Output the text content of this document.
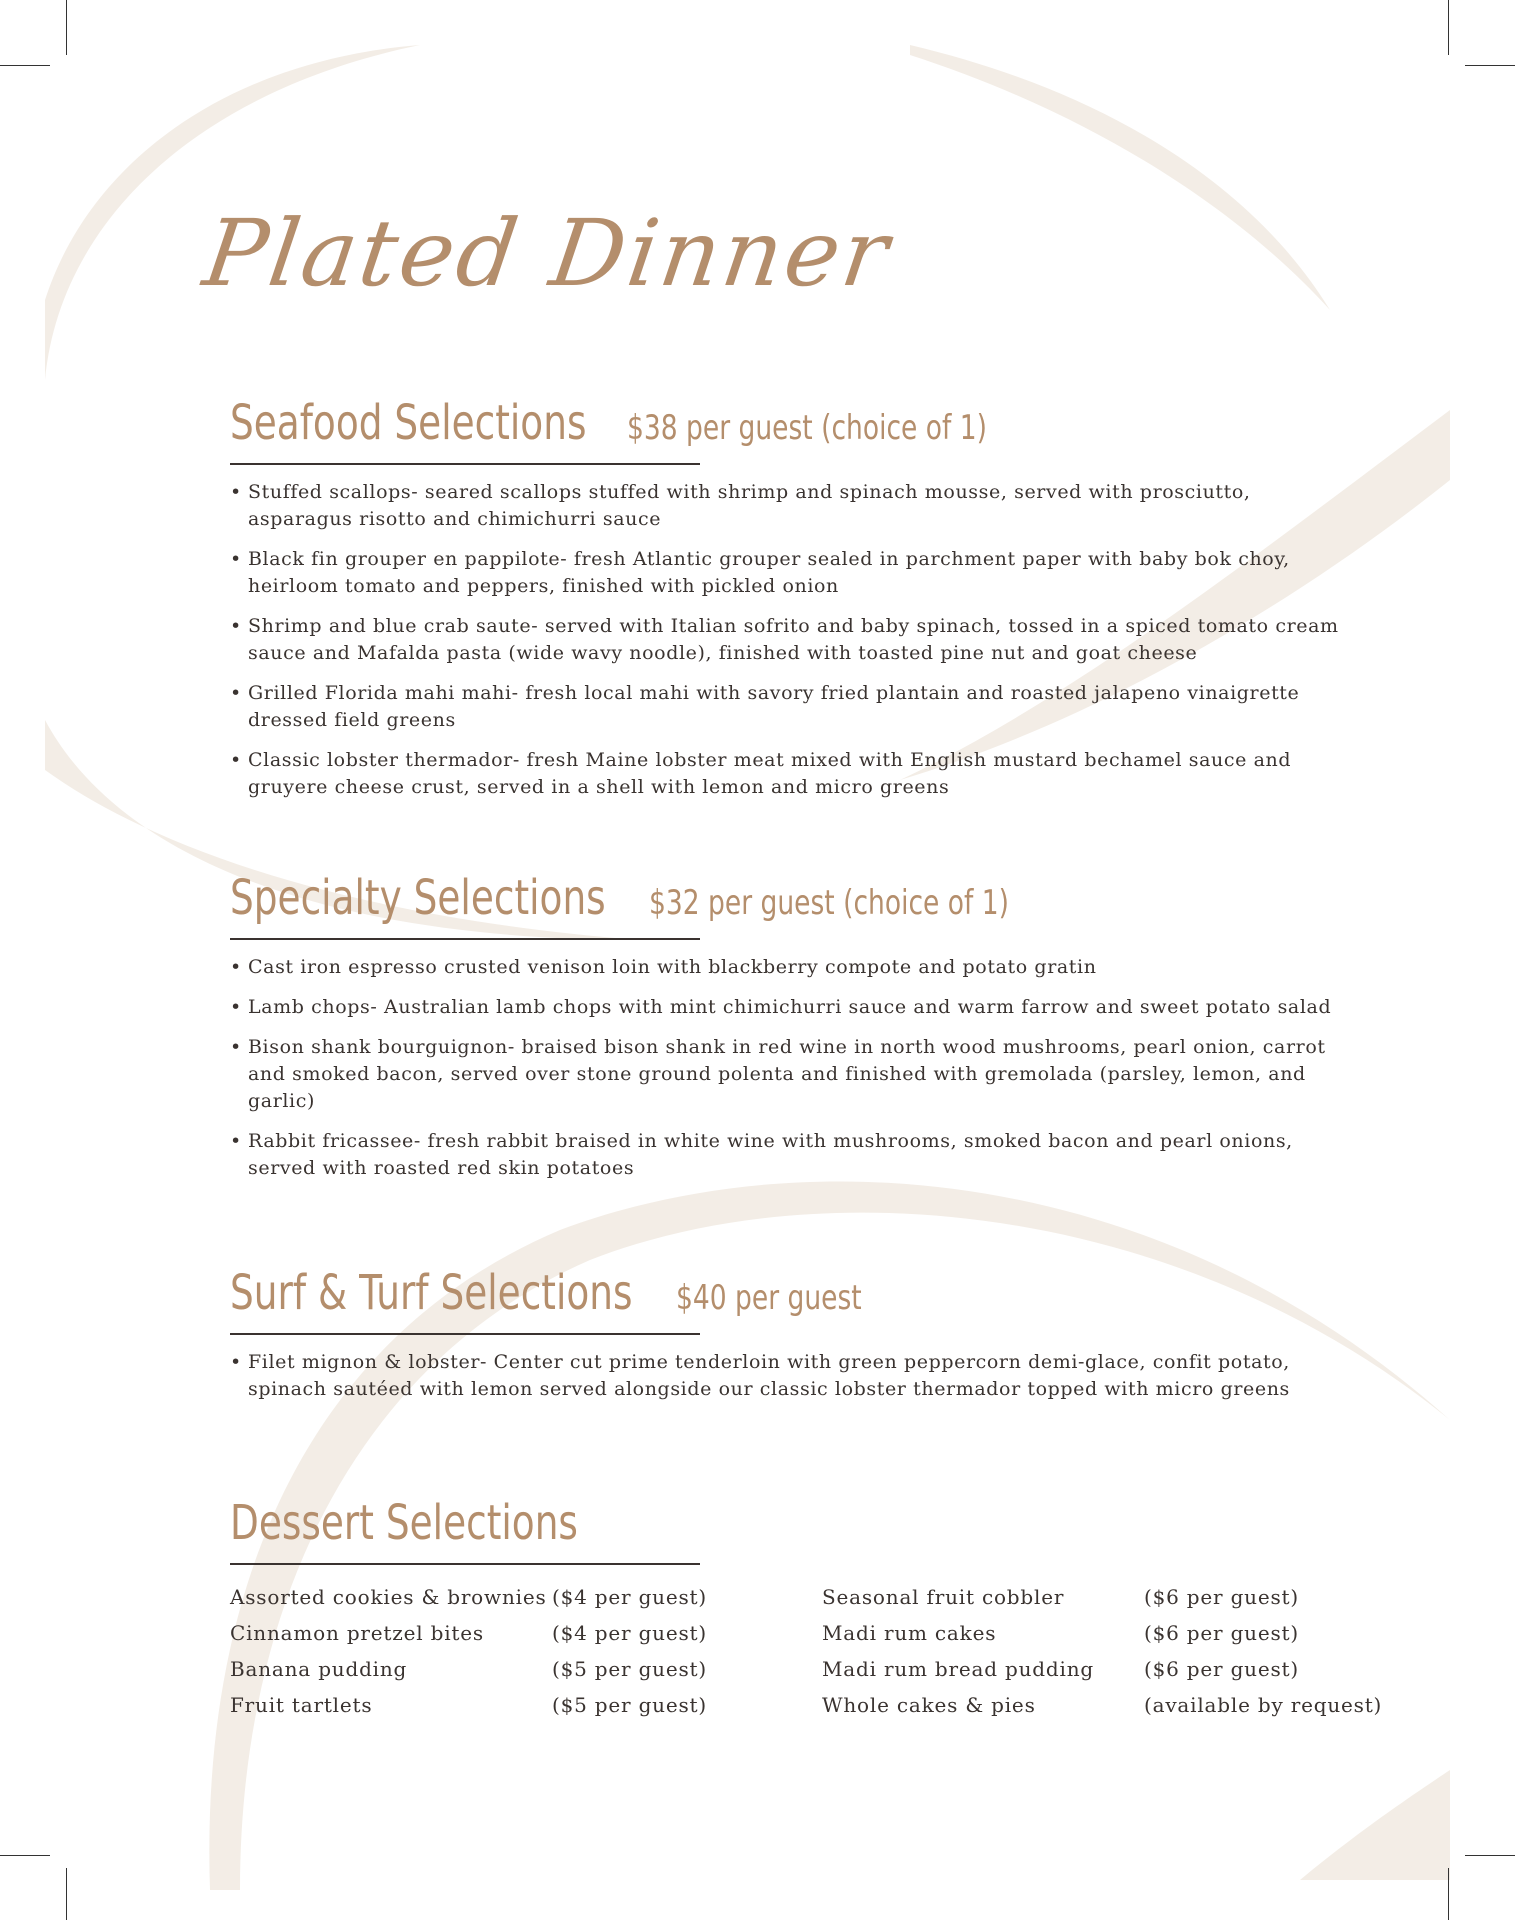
Plated Dinner
Seafood Selections $38 per guest (choice of 1)
• Stuffed scallops- seared scallops stuffed with shrimp and spinach mousse, served with prosciutto, asparagus risotto and chimichurri sauce
• Black fin grouper en pappilote- fresh Atlantic grouper sealed in parchment paper with baby bok choy, heirloom tomato and peppers, finished with pickled onion
• Shrimp and blue crab saute- served with Italian sofrito and baby spinach, tossed in a spiced tomato cream sauce and Mafalda pasta (wide wavy noodle), finished with toasted pine nut and goat cheese
• Grilled Florida mahi mahi- fresh local mahi with savory fried plantain and roasted jalapeno vinaigrette dressed field greens
• Classic lobster thermador- fresh Maine lobster meat mixed with English mustard bechamel sauce and gruyere cheese crust, served in a shell with lemon and micro greens
Specialty Selections $32 per guest (choice of 1)
• Cast iron espresso crusted venison loin with blackberry compote and potato gratin
• Lamb chops- Australian lamb chops with mint chimichurri sauce and warm farrow and sweet potato salad
• Bison shank bourguignon- braised bison shank in red wine in north wood mushrooms, pearl onion, carrot and smoked bacon, served over stone ground polenta and finished with gremolada (parsley, lemon, and garlic)
• Rabbit fricassee- fresh rabbit braised in white wine with mushrooms, smoked bacon and pearl onions, served with roasted red skin potatoes
Surf & Turf Selections $40 per guest
• Filet mignon & lobster- Center cut prime tenderloin with green peppercorn demi-glace, confit potato, spinach sautéed with lemon served alongside our classic lobster thermador topped with micro greens
Dessert Selections
Assorted cookies & brownies ($4 per guest)
Cinnamon pretzel bites	($4 per guest)
Banana pudding	($5 per guest)
Fruit tartlets	($5 per guest)
Seasonal fruit cobbler	($6 per guest)
Madi rum cakes	($6 per guest)
Madi rum bread pudding	($6 per guest)
Whole cakes & pies	(available by request)
